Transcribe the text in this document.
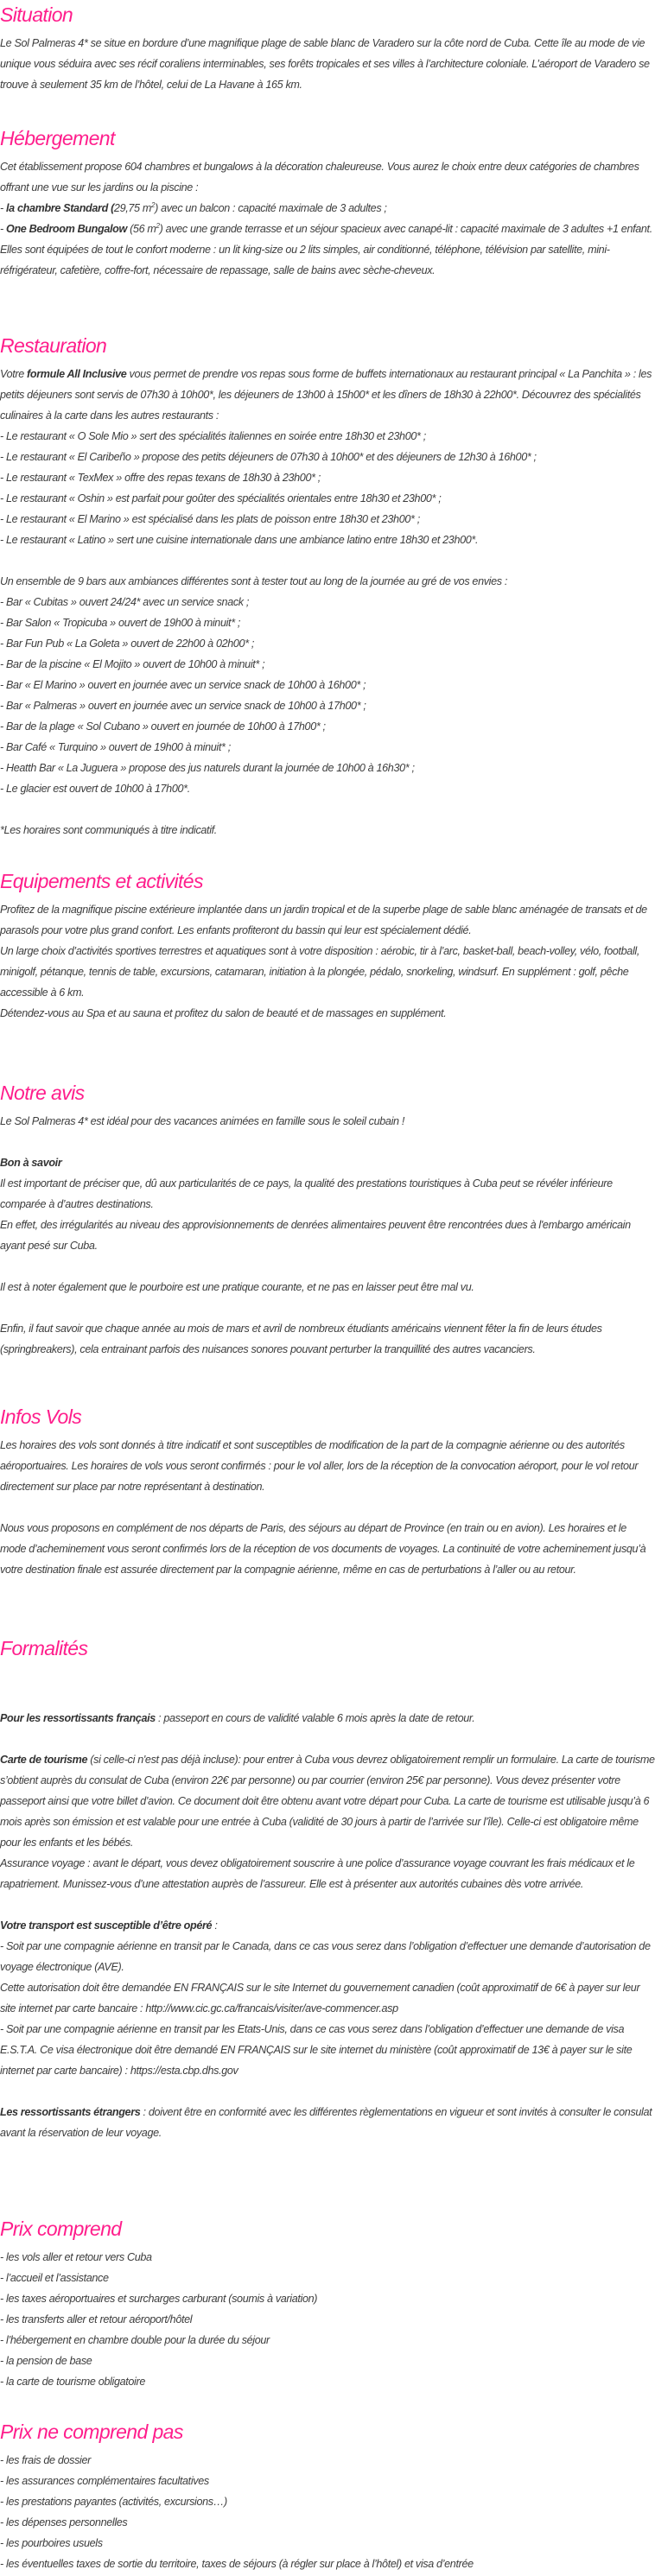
Situation

Le Sol Palmeras 4* se situe en bordure d’une magnifique plage de sable blanc de Varadero sur la côte nord de Cuba. Cette île au mode de vie unique vous séduira avec ses récif coraliens interminables, ses forêts tropicales et ses villes à l’architecture coloniale. L’aéroport de Varadero se trouve à seulement 35 km de l’hôtel, celui de La Havane à 165 km.

Hébergement
Cet établissement propose 604 chambres et bungalows à la décoration chaleureuse. Vous aurez le choix entre deux catégories de chambres offrant une vue sur les jardins ou la piscine :
- la chambre Standard (29,75 $m^2$) avec un balcon : capacité maximale de 3 adultes ;
- One Bedroom Bungalow (56 $m^2$) avec une grande terrasse et un séjour spacieux avec canapé-lit : capacité maximale de 3 adultes +1 enfant.
Elles sont équipées de tout le confort moderne : un lit king-size ou 2 lits simples, air conditionné, téléphone, télévision par satellite, mini-réfrigérateur, cafetière, coffre-fort, nécessaire de repassage, salle de bains avec sèche-cheveux.
Restauration
Votre formule All Inclusive vous permet de prendre vos repas sous forme de buffets internationaux au restaurant principal « La Panchita » : les petits déjeuners sont servis de 07h30 à 10h00*, les déjeuners de 13h00 à 15h00* et les dîners de 18h30 à 22h00*. Découvrez des spécialités culinaires à la carte dans les autres restaurants :
- Le restaurant « O Sole Mio » sert des spécialités italiennes en soirée entre 18h30 et 23h00* ;
- Le restaurant « El Caribeño » propose des petits déjeuners de 07h30 à 10h00* et des déjeuners de 12h30 à 16h00* ;
- Le restaurant « TexMex » offre des repas texans de 18h30 à 23h00* ;
- Le restaurant « Oshin » est parfait pour goûter des spécialités orientales entre 18h30 et 23h00* ;
- Le restaurant « El Marino » est spécialisé dans les plats de poisson entre 18h30 et 23h00* ;
- Le restaurant « Latino » sert une cuisine internationale dans une ambiance latino entre 18h30 et 23h00*.
Un ensemble de 9 bars aux ambiances différentes sont à tester tout au long de la journée au gré de vos envies :
- Bar « Cubitas » ouvert 24/24* avec un service snack ;
- Bar Salon « Tropicuba » ouvert de 19h00 à minuit* ;
- Bar Fun Pub « La Goleta » ouvert de 22h00 à 02h00* ;
- Bar de la piscine « El Mojito » ouvert de 10h00 à minuit* ;
- Bar « El Marino » ouvert en journée avec un service snack de 10h00 à 16h00* ;
- Bar « Palmeras » ouvert en journée avec un service snack de 10h00 à 17h00* ;
- Bar de la plage « Sol Cubano » ouvert en journée de 10h00 à 17h00* ;
- Bar Café « Turquino » ouvert de 19h00 à minuit* ;
- Heatth Bar « La Juguera » propose des jus naturels durant la journée de 10h00 à 16h30* ;
- Le glacier est ouvert de 10h00 à 17h00*.
*Les horaires sont communiqués à titre indicatif.
Equipements et activités
Profitez de la magnifique piscine extérieure implantée dans un jardin tropical et de la superbe plage de sable blanc aménagée de transats et de parasols pour votre plus grand confort. Les enfants profiteront du bassin qui leur est spécialement dédié.
Un large choix d’activités sportives terrestres et aquatiques sont à votre disposition : aérobic, tir à l’arc, basket-ball, beach-volley, vélo, football, minigolf, pétanque, tennis de table, excursions, catamaran, initiation à la plongée, pédalo, snorkeling, windsurf. En supplément : golf, pêche accessible à 6 km.
Détendez-vous au Spa et au sauna et profitez du salon de beauté et de massages en supplément.
Notre avis
Le Sol Palmeras 4* est idéal pour des vacances animées en famille sous le soleil cubain !
Bon à savoir
Il est important de préciser que, dû aux particularités de ce pays, la qualité des prestations touristiques à Cuba peut se révéler inférieure comparée à d’autres destinations.
En effet, des irrégularités au niveau des approvisionnements de denrées alimentaires peuvent être rencontrées dues à l'embargo américain ayant pesé sur Cuba.
Il est à noter également que le pourboire est une pratique courante, et ne pas en laisser peut être mal vu.
Enfin, il faut savoir que chaque année au mois de mars et avril de nombreux étudiants américains viennent fêter la fin de leurs études (springbreakers), cela entrainant parfois des nuisances sonores pouvant perturber la tranquillité des autres vacanciers.
Infos Vols
Les horaires des vols sont donnés à titre indicatif et sont susceptibles de modification de la part de la compagnie aérienne ou des autorités aéroportuaires. Les horaires de vols vous seront confirmés : pour le vol aller, lors de la réception de la convocation aéroport, pour le vol retour directement sur place par notre représentant à destination.
Nous vous proposons en complément de nos départs de Paris, des séjours au départ de Province (en train ou en avion). Les horaires et le mode d’acheminement vous seront confirmés lors de la réception de vos documents de voyages. La continuité de votre acheminement jusqu’à votre destination finale est assurée directement par la compagnie aérienne, même en cas de perturbations à l’aller ou au retour.
Formalités
Pour les ressortissants français : passeport en cours de validité valable 6 mois après la date de retour.
Carte de tourisme (si celle-ci n'est pas déjà incluse): pour entrer à Cuba vous devrez obligatoirement remplir un formulaire. La carte de tourisme s’obtient auprès du consulat de Cuba (environ 22€ par personne) ou par courrier (environ 25€ par personne). Vous devez présenter votre passeport ainsi que votre billet d’avion. Ce document doit être obtenu avant votre départ pour Cuba. La carte de tourisme est utilisable jusqu’à 6 mois après son émission et est valable pour une entrée à Cuba (validité de 30 jours à partir de l’arrivée sur l’île). Celle-ci est obligatoire même pour les enfants et les bébés.
Assurance voyage : avant le départ, vous devez obligatoirement souscrire à une police d’assurance voyage couvrant les frais médicaux et le rapatriement. Munissez-vous d’une attestation auprès de l’assureur. Elle est à présenter aux autorités cubaines dès votre arrivée.
Votre transport est susceptible d’être opéré :
- Soit par une compagnie aérienne en transit par le Canada, dans ce cas vous serez dans l’obligation d’effectuer une demande d’autorisation de voyage électronique (AVE).
Cette autorisation doit être demandée EN FRANÇAIS sur le site Internet du gouvernement canadien (coût approximatif de 6€ à payer sur leur site internet par carte bancaire : http://www.cic.gc.ca/francais/visiter/ave-commencer.asp
- Soit par une compagnie aérienne en transit par les Etats-Unis, dans ce cas vous serez dans l’obligation d’effectuer une demande de visa E.S.T.A. Ce visa électronique doit être demandé EN FRANÇAIS sur le site internet du ministère (coût approximatif de 13€ à payer sur le site internet par carte bancaire) : https://esta.cbp.dhs.gov
Les ressortissants étrangers : doivent être en conformité avec les différentes règlementations en vigueur et sont invités à consulter le consulat avant la réservation de leur voyage.
Prix comprend
- les vols aller et retour vers Cuba
- l’accueil et l’assistance
- les taxes aéroportuaires et surcharges carburant (soumis à variation)
- les transferts aller et retour aéroport/hôtel
- l’hébergement en chambre double pour la durée du séjour
- la pension de base
- la carte de tourisme obligatoire
Prix ne comprend pas
- les frais de dossier
- les assurances complémentaires facultatives
- les prestations payantes (activités, excursions…)
- les dépenses personnelles
- les pourboires usuels
- les éventuelles taxes de sortie du territoire, taxes de séjours (à régler sur place à l’hôtel) et visa d’entrée
